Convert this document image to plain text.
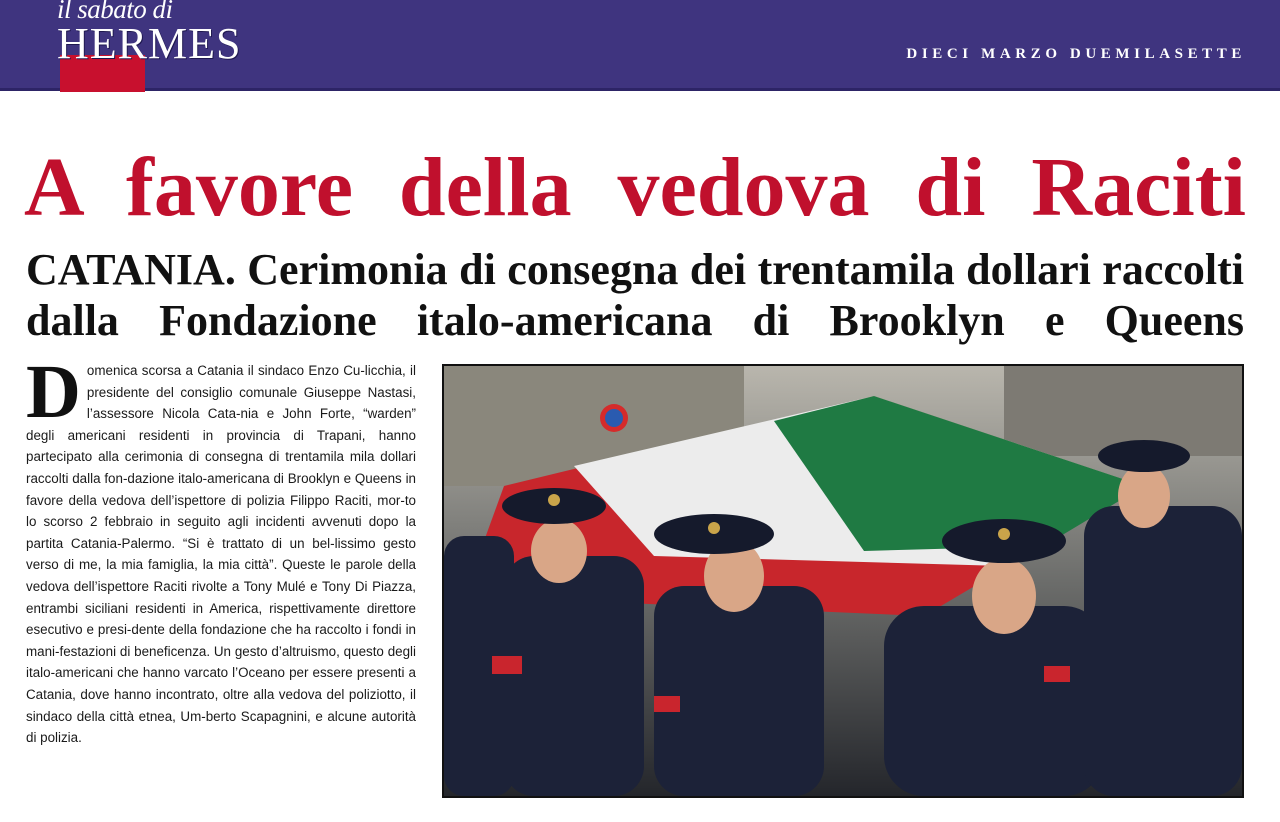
il sabato di
HERMES	DIECI MARZO DUEMILASETTE
A favore della vedova di Raciti
CATANIA. Cerimonia di consegna dei trentamila dollari raccolti dalla Fondazione italo-americana di Brooklyn e Queens

Domenica scorsa a Catania il sindaco Enzo Cu-licchia, il presidente del consiglio comunale Giuseppe Nastasi, l’assessore Nicola Cata-nia e John Forte, “warden” degli americani residenti in provincia di Trapani, hanno partecipato alla cerimonia di consegna di trentamila mila dollari raccolti dalla fon-dazione italo-americana di Brooklyn e Queens in favore della vedova dell’ispettore di polizia Filippo Raciti, mor-to lo scorso 2 febbraio in seguito agli incidenti avvenuti dopo la partita Catania-Palermo. “Si è trattato di un bel-lissimo gesto verso di me, la mia famiglia, la mia città”. Queste le parole della vedova dell’ispettore Raciti rivolte a Tony Mulé e Tony Di Piazza, entrambi siciliani residenti in America, rispettivamente direttore esecutivo e presi-dente della fondazione che ha raccolto i fondi in mani-festazioni di beneficenza. Un gesto d’altruismo, questo degli italo-americani che hanno varcato l’Oceano per essere presenti a Catania, dove hanno incontrato, oltre alla vedova del poliziotto, il sindaco della città etnea, Um-berto Scapagnini, e alcune autorità di polizia.
